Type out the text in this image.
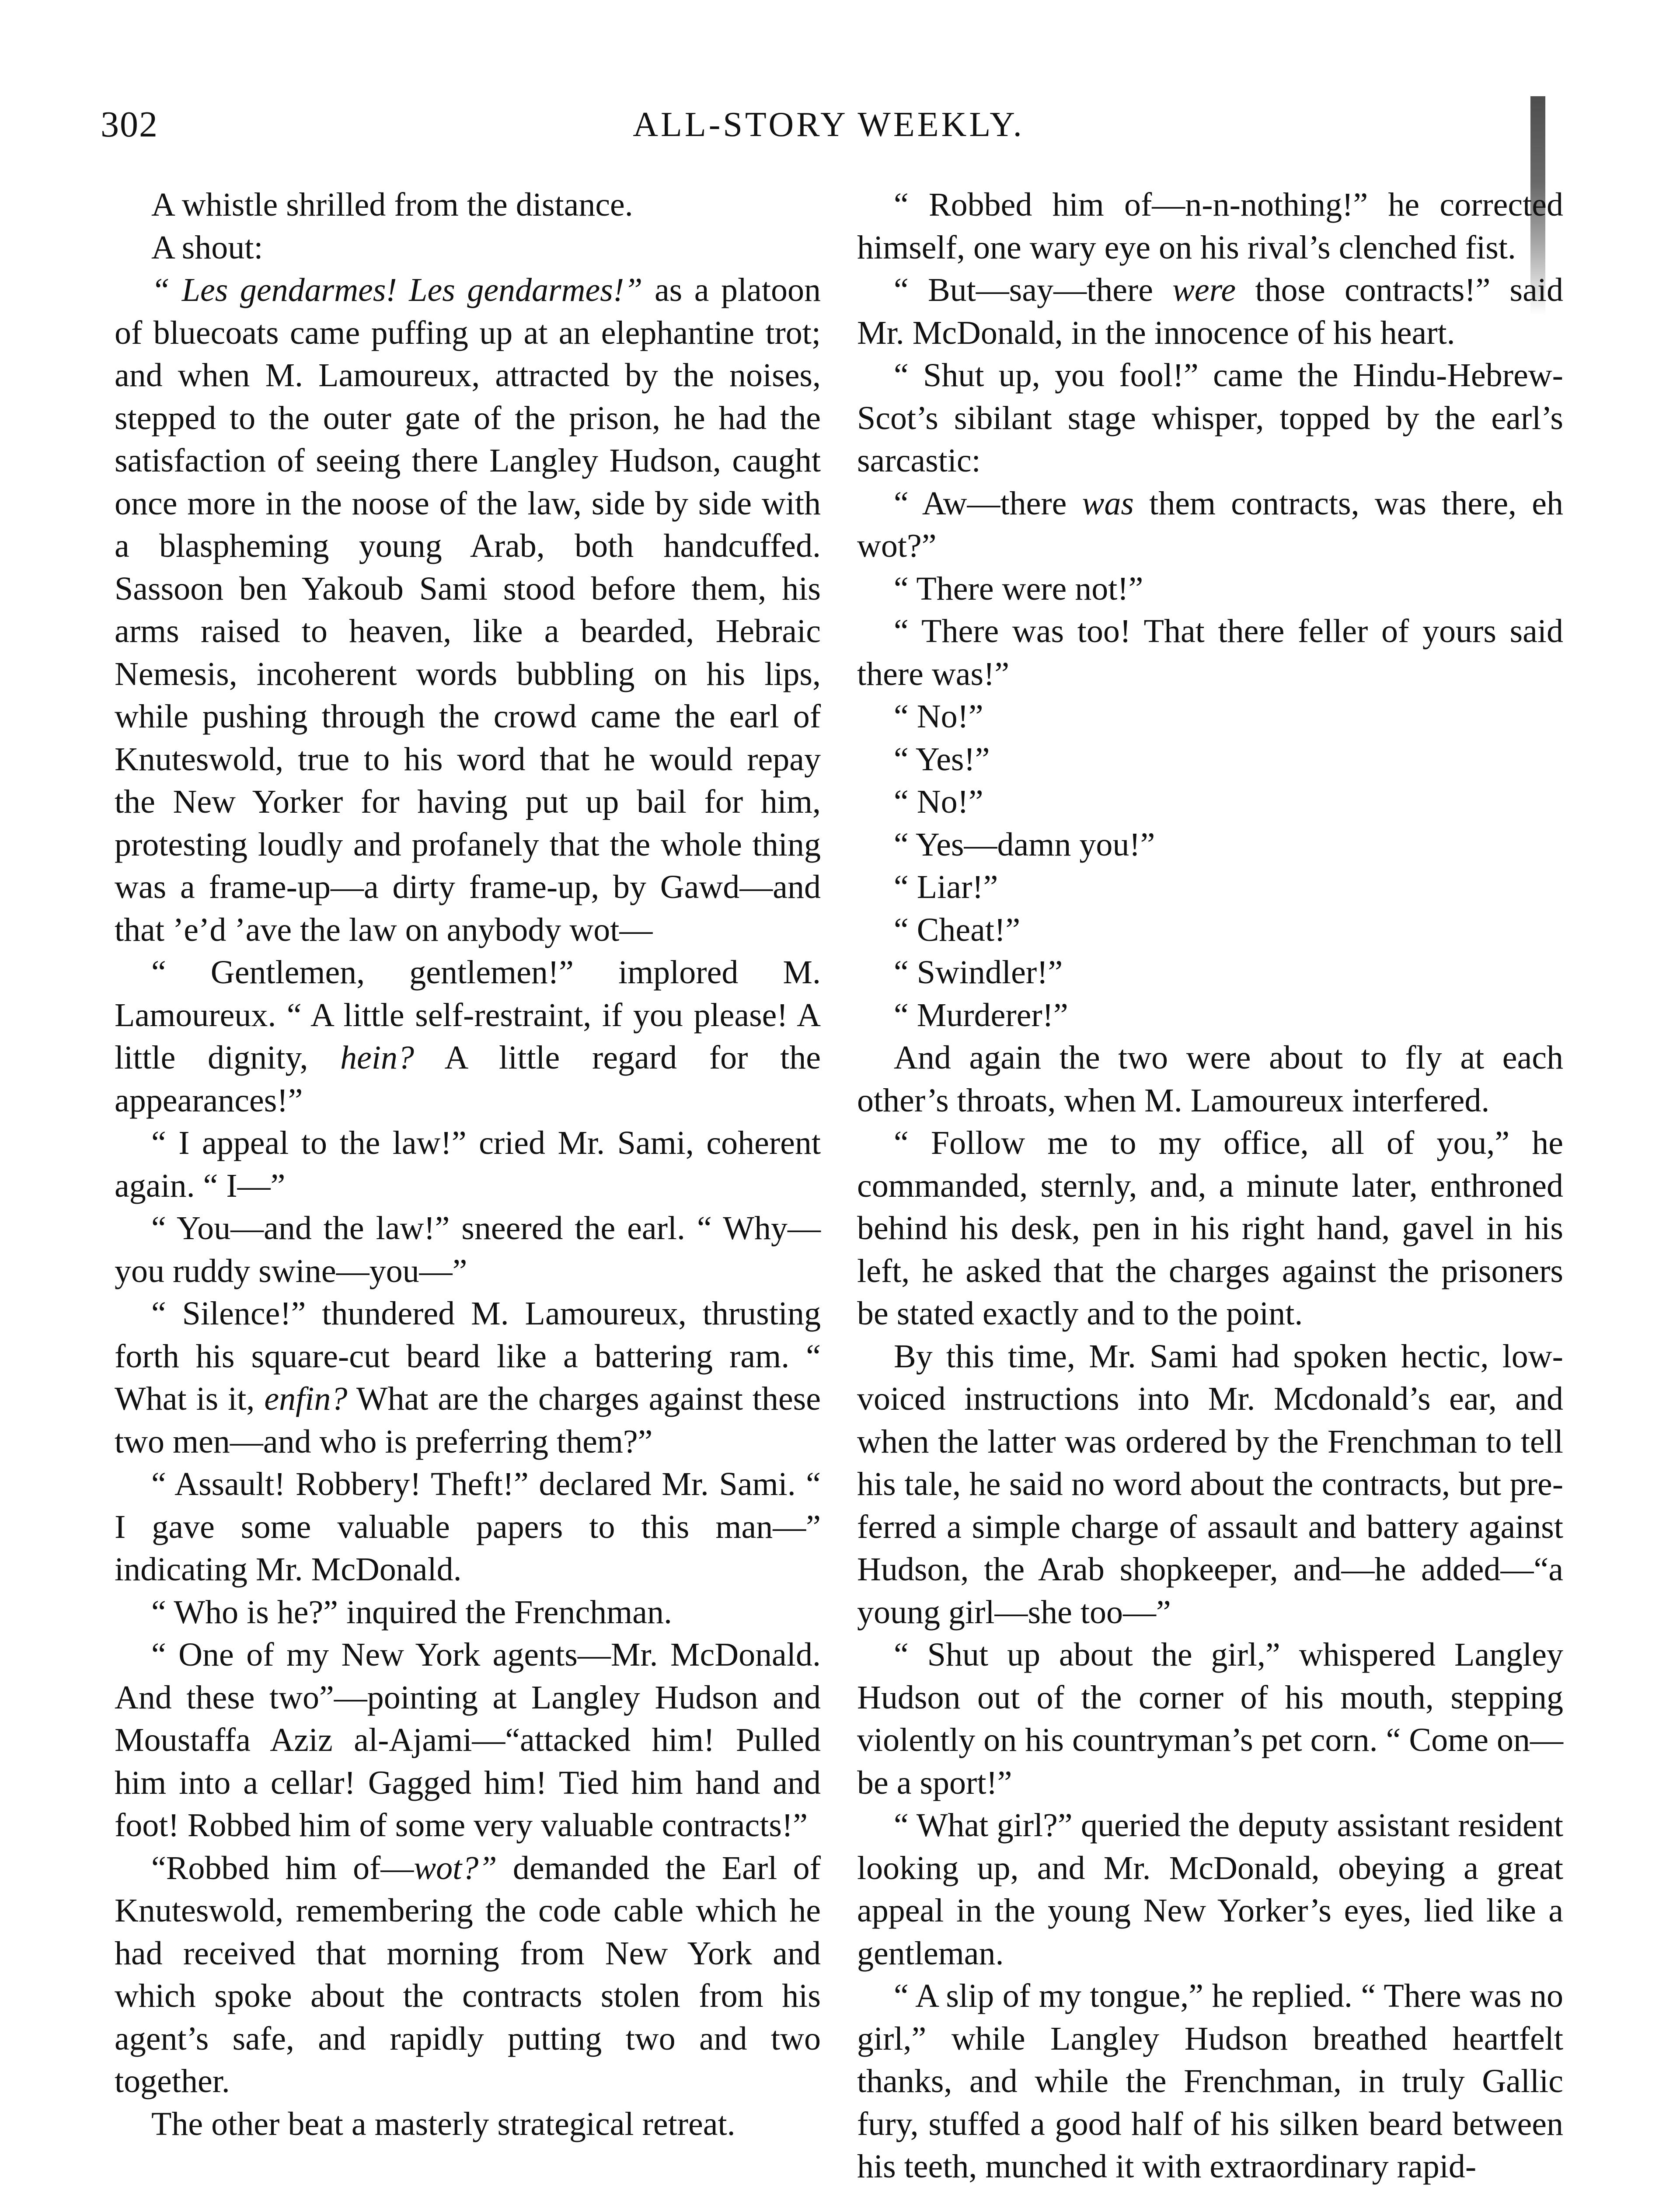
302	ALL-STORY WEEKLY.

A whistle shrilled from the distance.

A shout:

“ Les gendarmes! Les gendarmes!” as a platoon of bluecoats came puffing up at an elephantine trot; and when M. Lamoureux, attracted by the noises, stepped to the outer gate of the prison, he had the satisfaction of seeing there Langley Hudson, caught once more in the noose of the law, side by side with a blaspheming young Arab, both handcuffed. Sassoon ben Yakoub Sami stood before them, his arms raised to heaven, like a bearded, Hebraic Nemesis, incoherent words bubbling on his lips, while pushing through the crowd came the earl of Knuteswold, true to his word that he would repay the New Yorker for having put up bail for him, protesting loudly and profanely that the whole thing was a frame-up—a dirty frame-up, by Gawd—and that ’e’d ’ave the law on anybody wot—

“ Gentlemen, gentlemen!” implored M. Lamoureux. “ A little self-restraint, if you please! A little dignity, hein? A little regard for the appearances!”

“ I appeal to the law!” cried Mr. Sami, coherent again. “ I—”

“ You—and the law!” sneered the earl. “ Why—you ruddy swine—you—”

“ Silence!” thundered M. Lamoureux, thrusting forth his square-cut beard like a battering ram. “ What is it, enfin? What are the charges against these two men—and who is preferring them?”

“ Assault! Robbery! Theft!” declared Mr. Sami. “ I gave some valuable papers to this man—” indicating Mr. McDonald.

“ Who is he?” inquired the Frenchman.

“ One of my New York agents—Mr. McDonald. And these two”—pointing at Langley Hudson and Moustaffa Aziz al-Ajami—“attacked him! Pulled him into a cellar! Gagged him! Tied him hand and foot! Robbed him of some very valuable contracts!”

“Robbed him of—wot?” demanded the Earl of Knuteswold, remembering the code cable which he had received that morning from New York and which spoke about the contracts stolen from his agent’s safe, and rapidly putting two and two together.

The other beat a masterly strategical retreat.

“ Robbed him of—n-n-nothing!” he corrected himself, one wary eye on his rival’s clenched fist.

“ But—say—there were those contracts!” said Mr. McDonald, in the innocence of his heart.

“ Shut up, you fool!” came the Hindu-Hebrew-Scot’s sibilant stage whisper, topped by the earl’s sarcastic:

“ Aw—there was them contracts, was there, eh wot?”

“ There were not!”

“ There was too! That there feller of yours said there was!”

“ No!”

“ Yes!”

“ No!”

“ Yes—damn you!”

“ Liar!”

“ Cheat!”

“ Swindler!”

“ Murderer!”

And again the two were about to fly at each other’s throats, when M. Lamoureux interfered.

“ Follow me to my office, all of you,” he commanded, sternly, and, a minute later, enthroned behind his desk, pen in his right hand, gavel in his left, he asked that the charges against the prisoners be stated exactly and to the point.

By this time, Mr. Sami had spoken hectic, low-voiced instructions into Mr. Mcdonald’s ear, and when the latter was ordered by the Frenchman to tell his tale, he said no word about the contracts, but preferred a simple charge of assault and battery against Hudson, the Arab shopkeeper, and—he added—“a young girl—she too—”

“ Shut up about the girl,” whispered Langley Hudson out of the corner of his mouth, stepping violently on his countryman’s pet corn. “ Come on—be a sport!”

“ What girl?” queried the deputy assistant resident looking up, and Mr. McDonald, obeying a great appeal in the young New Yorker’s eyes, lied like a gentleman.

“ A slip of my tongue,” he replied. “ There was no girl,” while Langley Hudson breathed heartfelt thanks, and while the Frenchman, in truly Gallic fury, stuffed a good half of his silken beard between his teeth, munched it with extraordinary rapid-
